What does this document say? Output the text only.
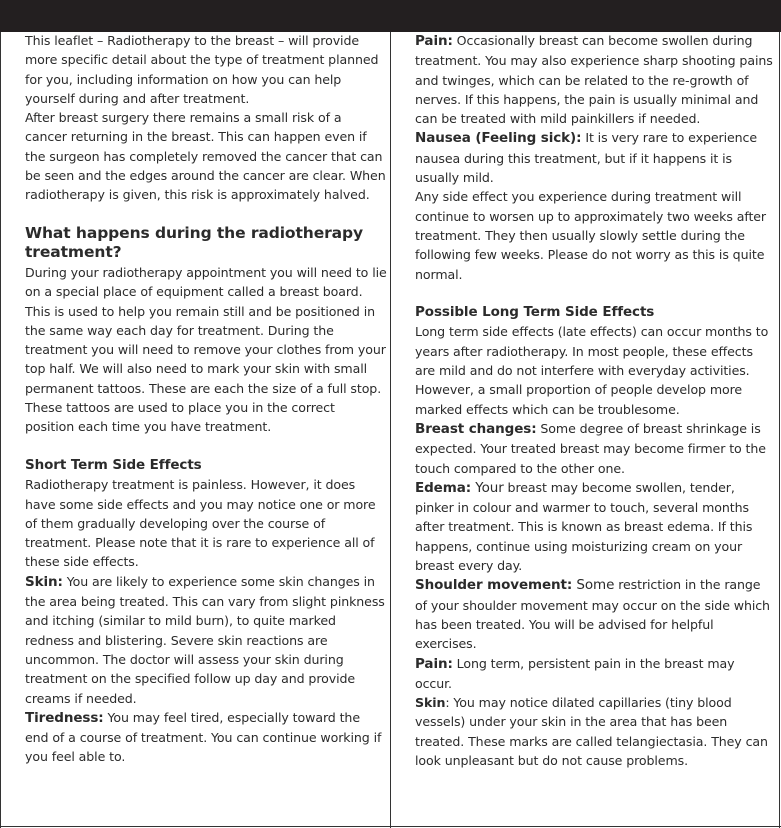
This leaflet – Radiotherapy to the breast – will provide more specific detail about the type of treatment planned for you, including information on how you can help yourself during and after treatment.

After breast surgery there remains a small risk of a cancer returning in the breast. This can happen even if the surgeon has completely removed the cancer that can be seen and the edges around the cancer are clear. When radiotherapy is given, this risk is approximately halved.

What happens during the radiotherapy treatment?

During your radiotherapy appointment you will need to lie on a special place of equipment called a breast board. This is used to help you remain still and be positioned in the same way each day for treatment. During the treatment you will need to remove your clothes from your top half. We will also need to mark your skin with small permanent tattoos. These are each the size of a full stop. These tattoos are used to place you in the correct position each time you have treatment.

Short Term Side Effects

Radiotherapy treatment is painless. However, it does have some side effects and you may notice one or more of them gradually developing over the course of treatment. Please note that it is rare to experience all of these side effects.

Skin: You are likely to experience some skin changes in the area being treated. This can vary from slight pinkness and itching (similar to mild burn), to quite marked redness and blistering. Severe skin reactions are uncommon. The doctor will assess your skin during treatment on the specified follow up day and provide creams if needed.

Tiredness: You may feel tired, especially toward the end of a course of treatment. You can continue working if you feel able to.

Pain: Occasionally breast can become swollen during treatment. You may also experience sharp shooting pains and twinges, which can be related to the re-growth of nerves. If this happens, the pain is usually minimal and can be treated with mild painkillers if needed.

Nausea (Feeling sick): It is very rare to experience nausea during this treatment, but if it happens it is usually mild.

Any side effect you experience during treatment will continue to worsen up to approximately two weeks after treatment. They then usually slowly settle during the following few weeks. Please do not worry as this is quite normal.

Possible Long Term Side Effects

Long term side effects (late effects) can occur months to years after radiotherapy. In most people, these effects are mild and do not interfere with everyday activities. However, a small proportion of people develop more marked effects which can be troublesome.

Breast changes: Some degree of breast shrinkage is expected. Your treated breast may become firmer to the touch compared to the other one.

Edema: Your breast may become swollen, tender, pinker in colour and warmer to touch, several months after treatment. This is known as breast edema. If this happens, continue using moisturizing cream on your breast every day.

Shoulder movement: Some restriction in the range of your shoulder movement may occur on the side which has been treated. You will be advised for helpful exercises.

Pain: Long term, persistent pain in the breast may occur.

Skin: You may notice dilated capillaries (tiny blood vessels) under your skin in the area that has been treated. These marks are called telangiectasia. They can look unpleasant but do not cause problems.
